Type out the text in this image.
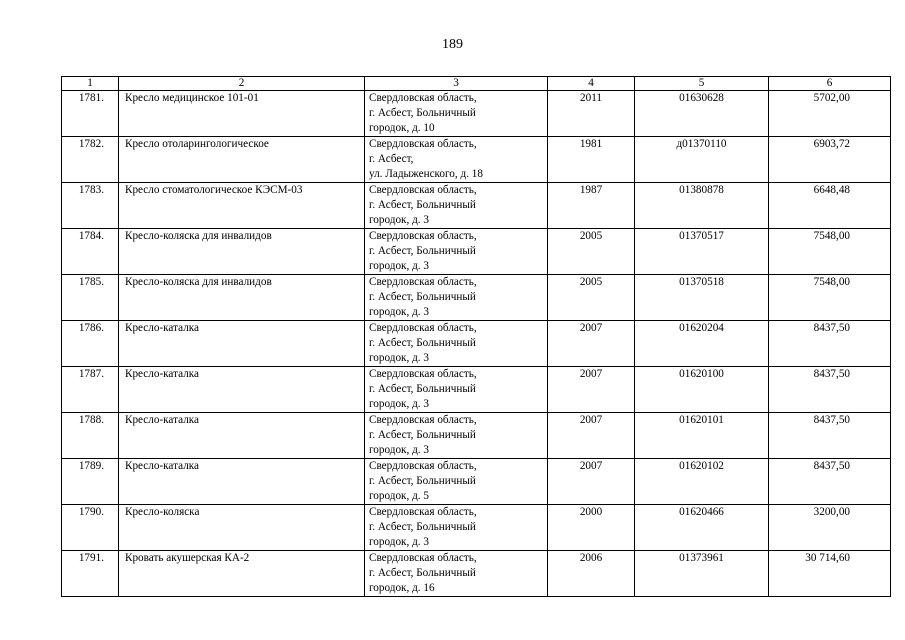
189
1	2	3	4	5	6
1781.	Кресло медицинское 101-01	Свердловская область,
г. Асбест, Больничный
городок, д. 10	2011	01630628	5702,00
1782.	Кресло отоларингологическое	Свердловская область,
г. Асбест,
ул. Ладыженского, д. 18	1981	д01370110	6903,72
1783.	Кресло стоматологическое КЭСМ-03	Свердловская область,
г. Асбест, Больничный
городок, д. 3	1987	01380878	6648,48
1784.	Кресло-коляска для инвалидов	Свердловская область,
г. Асбест, Больничный
городок, д. 3	2005	01370517	7548,00
1785.	Кресло-коляска для инвалидов	Свердловская область,
г. Асбест, Больничный
городок, д. 3	2005	01370518	7548,00
1786.	Кресло-каталка	Свердловская область,
г. Асбест, Больничный
городок, д. 3	2007	01620204	8437,50
1787.	Кресло-каталка	Свердловская область,
г. Асбест, Больничный
городок, д. 3	2007	01620100	8437,50
1788.	Кресло-каталка	Свердловская область,
г. Асбест, Больничный
городок, д. 3	2007	01620101	8437,50
1789.	Кресло-каталка	Свердловская область,
г. Асбест, Больничный
городок, д. 5	2007	01620102	8437,50
1790.	Кресло-коляска	Свердловская область,
г. Асбест, Больничный
городок, д. 3	2000	01620466	3200,00
1791.	Кровать акушерская КА-2	Свердловская область,
г. Асбест, Больничный
городок, д. 16	2006	01373961	30 714,60
